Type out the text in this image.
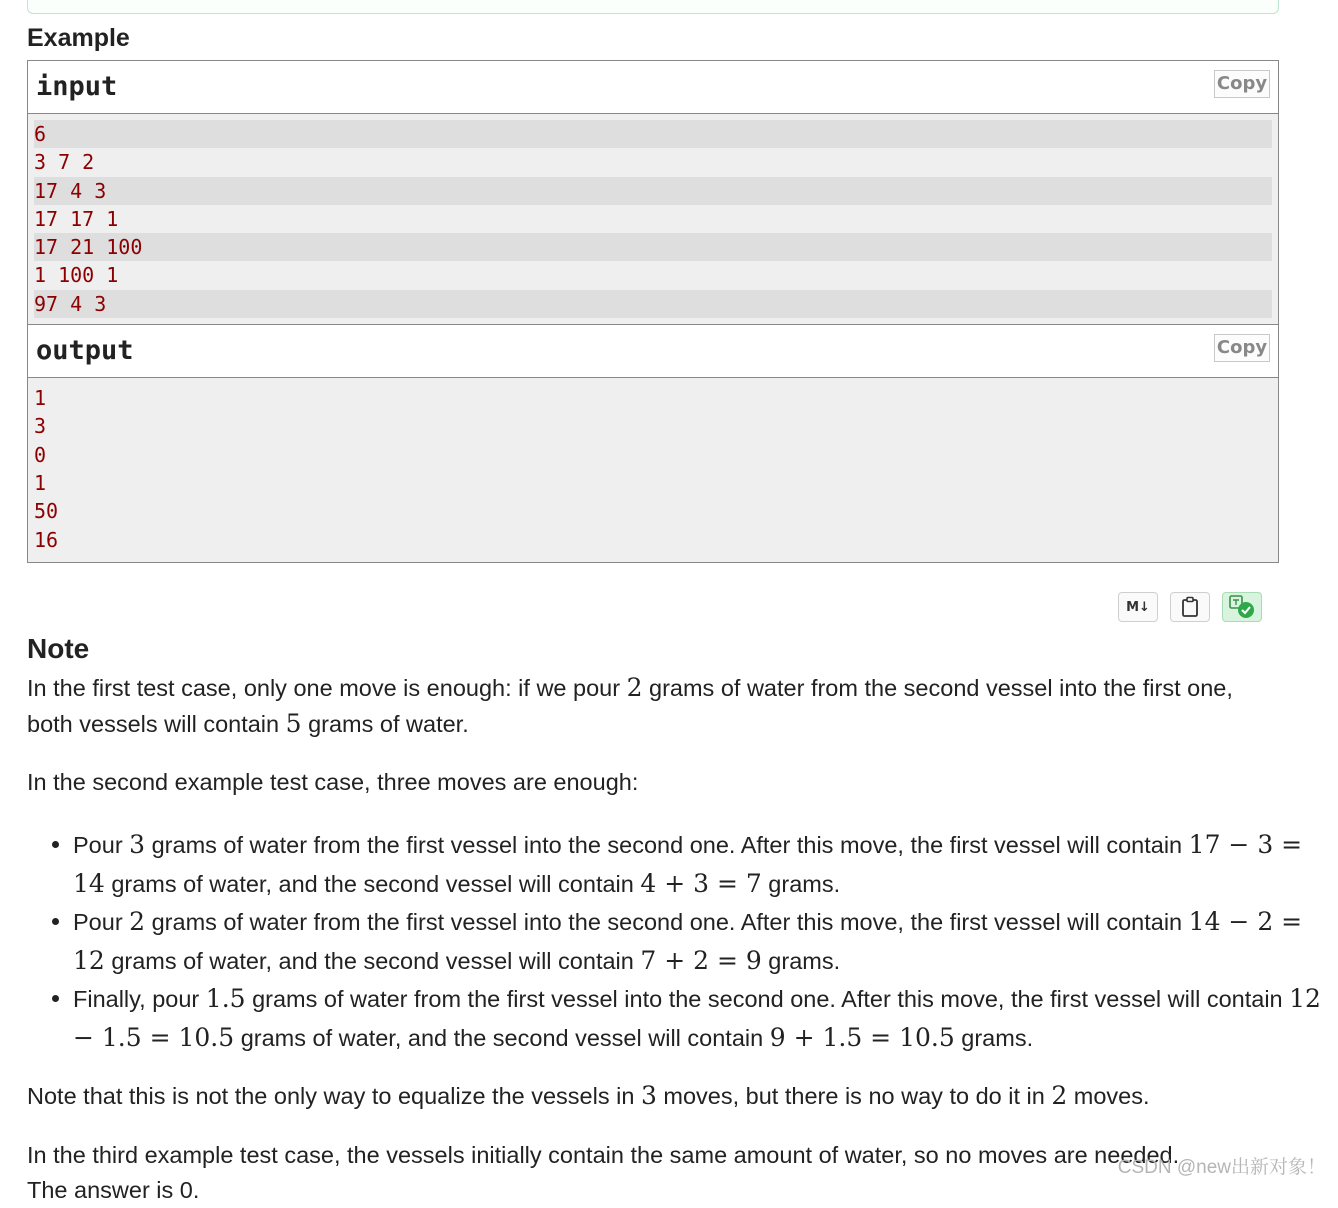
Example
input	Copy
6
3 7 2
17 4 3
17 17 1
17 21 100
1 100 1
97 4 3
output	Copy
1
3
0
1
50
16
M↓
Note
In the first test case, only one move is enough: if we pour 2 grams of water from the second vessel into the first one, both vessels will contain 5 grams of water.
In the second example test case, three moves are enough:
Pour 3 grams of water from the first vessel into the second one. After this move, the first vessel will contain 17 − 3 = 14 grams of water, and the second vessel will contain 4 + 3 = 7 grams.
Pour 2 grams of water from the first vessel into the second one. After this move, the first vessel will contain 14 − 2 = 12 grams of water, and the second vessel will contain 7 + 2 = 9 grams.
Finally, pour 1.5 grams of water from the first vessel into the second one. After this move, the first vessel will contain 12 − 1.5 = 10.5 grams of water, and the second vessel will contain 9 + 1.5 = 10.5 grams.
Note that this is not the only way to equalize the vessels in 3 moves, but there is no way to do it in 2 moves.
In the third example test case, the vessels initially contain the same amount of water, so no moves are needed.
The answer is 0.
CSDN @new出新对象！
